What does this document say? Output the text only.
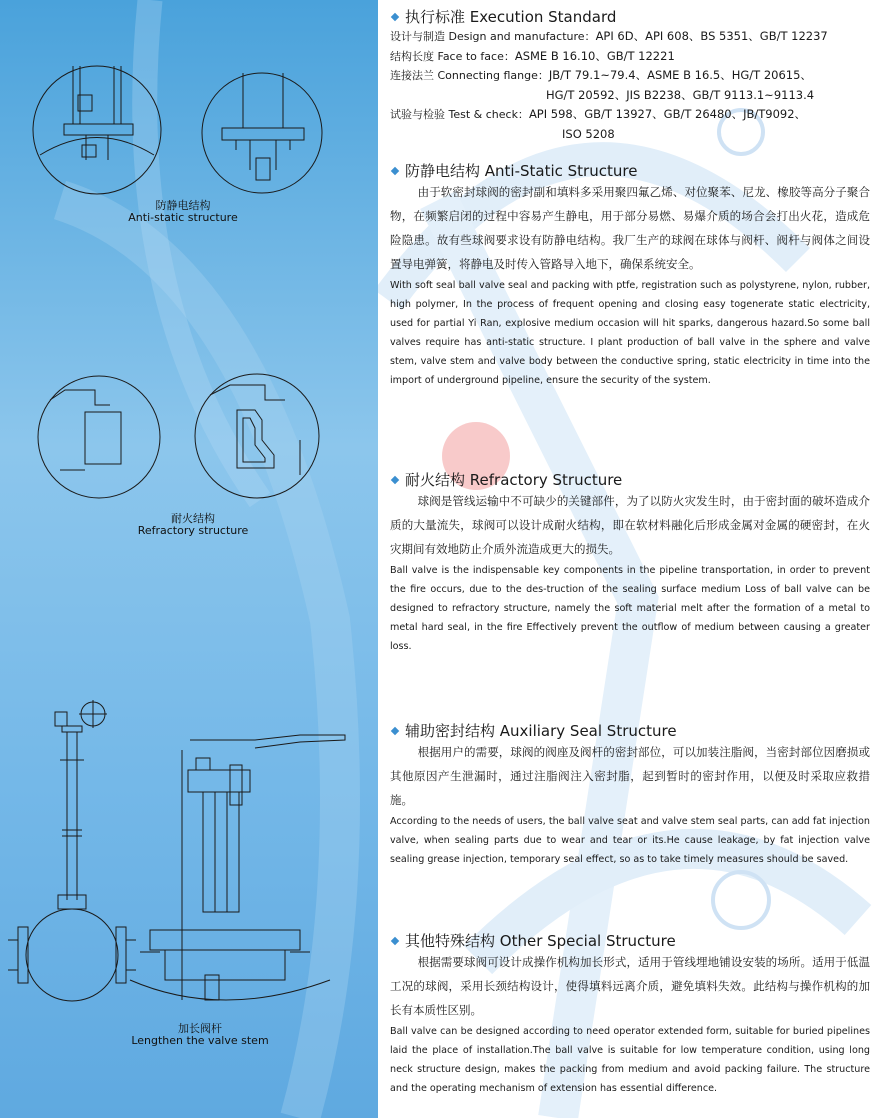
防静电结构
Anti-static structure
耐火结构
Refractory structure
加长阀杆
Lengthen the valve stem
执行标准 Execution Standard
设计与制造 Design and manufacture：API 6D、API 608、BS 5351、GB/T 12237
结构长度 Face to face：ASME B 16.10、GB/T 12221
连接法兰 Connecting flange：JB/T 79.1~79.4、ASME B 16.5、HG/T 20615、
HG/T 20592、JIS B2238、GB/T 9113.1~9113.4
试验与检验 Test & check：API 598、GB/T 13927、GB/T 26480、JB/T9092、
ISO 5208
防静电结构 Anti-Static Structure
由于软密封球阀的密封副和填料多采用聚四氟乙烯、对位聚苯、尼龙、橡胶等高分子聚合物，在频繁启闭的过程中容易产生静电，用于部分易燃、易爆介质的场合会打出火花，造成危险隐患。故有些球阀要求设有防静电结构。我厂生产的球阀在球体与阀杆、阀杆与阀体之间设置导电弹簧，将静电及时传入管路导入地下，确保系统安全。
With soft seal ball valve seal and packing with ptfe, registration such as polystyrene, nylon, rubber, high polymer, In the process of frequent opening and closing easy togenerate static electricity, used for partial Yi Ran, explosive medium occasion will hit sparks, dangerous hazard.So some ball valves require has anti-static structure. I plant production of ball valve in the sphere and valve stem, valve stem and valve body between the conductive spring, static electricity in time into the import of underground pipeline, ensure the security of the system.
耐火结构 Refractory Structure
球阀是管线运输中不可缺少的关键部件，为了以防火灾发生时，由于密封面的破坏造成介质的大量流失，球阀可以设计成耐火结构，即在软材料融化后形成金属对金属的硬密封，在火灾期间有效地防止介质外流造成更大的损失。
Ball valve is the indispensable key components in the pipeline transportation, in order to prevent the fire occurs, due to the des-truction of the sealing surface medium Loss of ball valve can be designed to refractory structure, namely the soft material melt after the formation of a metal to metal hard seal, in the fire Effectively prevent the outflow of medium between causing a greater loss.
辅助密封结构 Auxiliary Seal Structure
根据用户的需要，球阀的阀座及阀杆的密封部位，可以加装注脂阀，当密封部位因磨损或其他原因产生泄漏时，通过注脂阀注入密封脂，起到暂时的密封作用，以便及时采取应救措施。
According to the needs of users, the ball valve seat and valve stem seal parts, can add fat injection valve, when sealing parts due to wear and tear or its.He cause leakage, by fat injection valve sealing grease injection, temporary seal effect, so as to take timely measures should be saved.
其他特殊结构 Other Special Structure
根据需要球阀可设计成操作机构加长形式，适用于管线埋地铺设安装的场所。适用于低温工况的球阀，采用长颈结构设计，使得填料远离介质，避免填料失效。此结构与操作机构的加长有本质性区别。
Ball valve can be designed according to need operator extended form, suitable for buried pipelines laid the place of installation.The ball valve is suitable for low temperature condition, using long neck structure design, makes the packing from medium and avoid packing failure. The structure and the operating mechanism of extension has essential difference.
